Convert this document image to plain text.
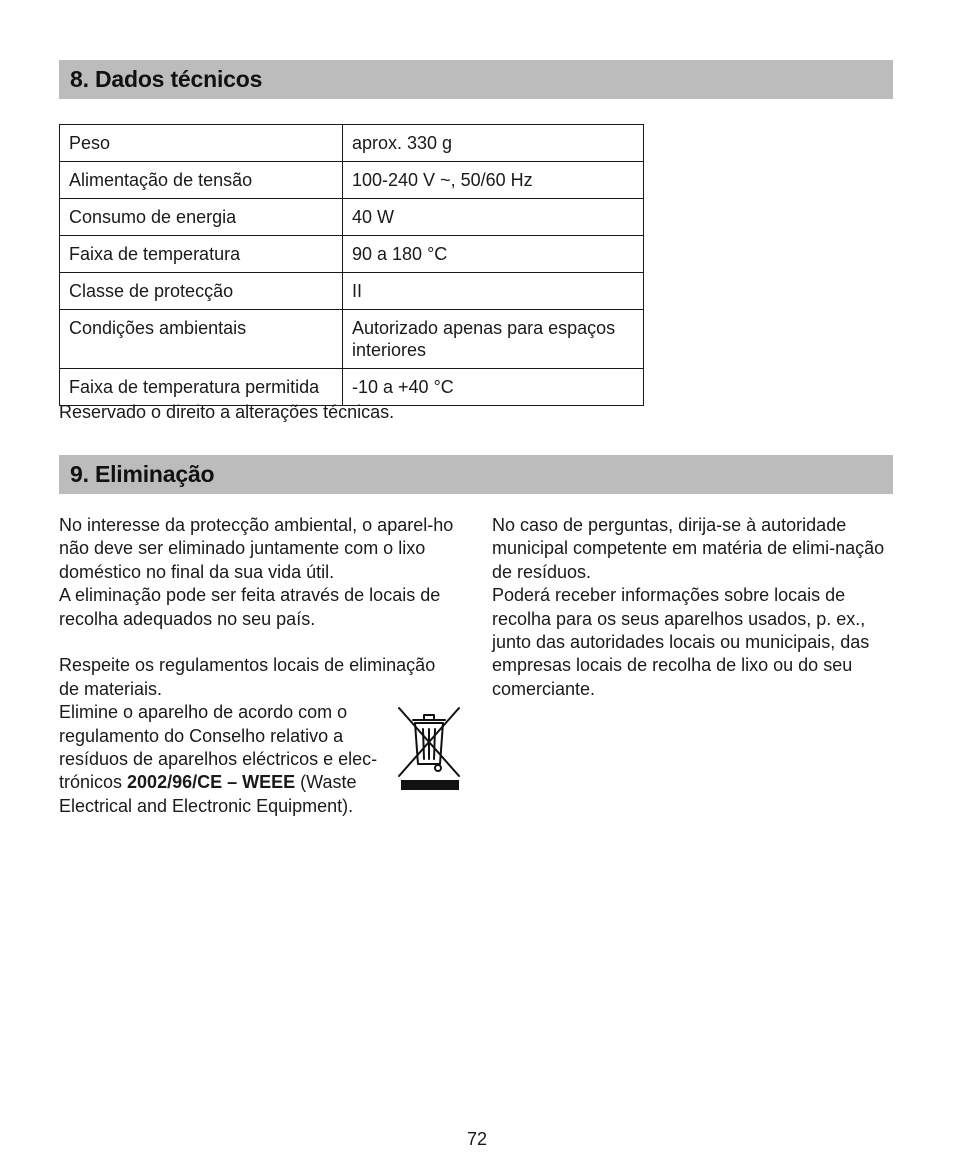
8. Dados técnicos
Peso	aprox. 330 g
Alimentação de tensão	100-240 V ~, 50/60 Hz
Consumo de energia	40 W
Faixa de temperatura	90 a 180 °C
Classe de protecção	II
Condições ambientais	Autorizado apenas para espaços interiores
Faixa de temperatura permitida	-10 a +40 °C

Reservado o direito a alterações técnicas.

9. Eliminação

No interesse da protecção ambiental, o aparel-ho não deve ser eliminado juntamente com o lixo doméstico no final da sua vida útil.

A eliminação pode ser feita através de locais de recolha adequados no seu país.

Respeite os regulamentos locais de eliminação de materiais.

Elimine o aparelho de acordo com o regulamento do Conselho relativo a resíduos de aparelhos eléctricos e elec-trónicos 2002/96/CE – WEEE (Waste Electrical and Electronic Equipment).

No caso de perguntas, dirija-se à autoridade municipal competente em matéria de elimi-nação de resíduos.

Poderá receber informações sobre locais de recolha para os seus aparelhos usados, p. ex., junto das autoridades locais ou municipais, das empresas locais de recolha de lixo ou do seu comerciante.

72
